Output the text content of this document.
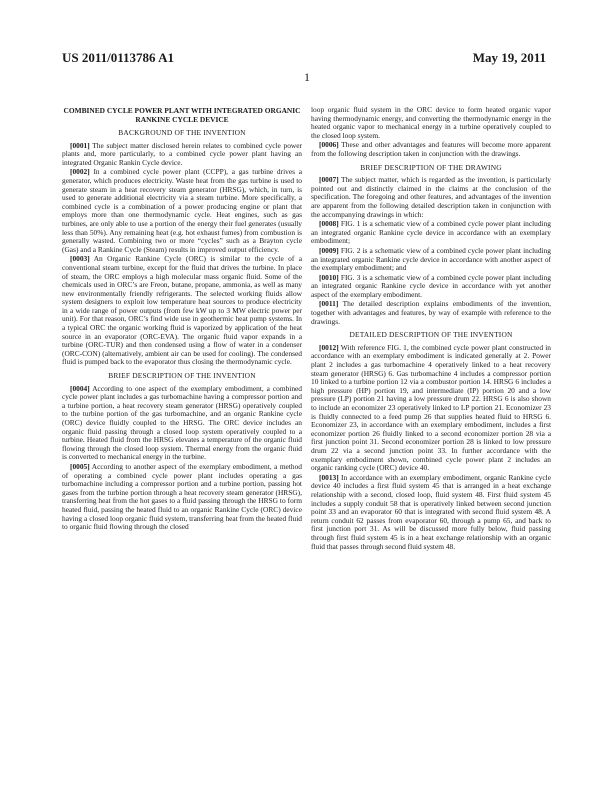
US 2011/0113786 A1
1
May 19, 2011

COMBINED CYCLE POWER PLANT WITH INTEGRATED ORGANIC RANKINE CYCLE DEVICE

BACKGROUND OF THE INVENTION

[0001] The subject matter disclosed herein relates to combined cycle power plants and, more particularly, to a combined cycle power plant having an integrated Organic Rankin Cycle device.

[0002] In a combined cycle power plant (CCPP), a gas turbine drives a generator, which produces electricity. Waste heat from the gas turbine is used to generate steam in a heat recovery steam generator (HRSG), which, in turn, is used to generate additional electricity via a steam turbine. More specifically, a combined cycle is a combination of a power producing engine or plant that employs more than one thermodynamic cycle. Heat engines, such as gas turbines, are only able to use a portion of the energy their fuel generates (usually less than 50%). Any remaining heat (e.g. hot exhaust fumes) from combustion is generally wasted. Combining two or more “cycles” such as a Brayton cycle (Gas) and a Rankine Cycle (Steam) results in improved output efficiency.

[0003] An Organic Rankine Cycle (ORC) is similar to the cycle of a conventional steam turbine, except for the fluid that drives the turbine. In place of steam, the ORC employs a high molecular mass organic fluid. Some of the chemicals used in ORC’s are Freon, butane, propane, ammonia, as well as many new environmentally friendly refrigerants. The selected working fluids allow system designers to exploit low temperature heat sources to produce electricity in a wide range of power outputs (from few kW up to 3 MW electric power per unit). For that reason, ORC’s find wide use in geothermic heat pump systems. In a typical ORC the organic working fluid is vaporized by application of the heat source in an evaporator (ORC-EVA). The organic fluid vapor expands in a turbine (ORC-TUR) and then condensed using a flow of water in a condenser (ORC-CON) (alternatively, ambient air can be used for cooling). The condensed fluid is pumped back to the evaporator thus closing the thermodynamic cycle.

BRIEF DESCRIPTION OF THE INVENTION

[0004] According to one aspect of the exemplary embodiment, a combined cycle power plant includes a gas turbomachine having a compressor portion and a turbine portion, a heat recovery steam generator (HRSG) operatively coupled to the turbine portion of the gas turbomachine, and an organic Rankine cycle (ORC) device fluidly coupled to the HRSG. The ORC device includes an organic fluid passing through a closed loop system operatively coupled to a turbine. Heated fluid from the HRSG elevates a temperature of the organic fluid flowing through the closed loop system. Thermal energy from the organic fluid is converted to mechanical energy in the turbine.

[0005] According to another aspect of the exemplary embodiment, a method of operating a combined cycle power plant includes operating a gas turbomachine including a compressor portion and a turbine portion, passing hot gases from the turbine portion through a heat recovery steam generator (HRSG), transferring heat from the hot gases to a fluid passing through the HRSG to form heated fluid, passing the heated fluid to an organic Rankine Cycle (ORC) device having a closed loop organic fluid system, transferring heat from the heated fluid to organic fluid flowing through the closed

loop organic fluid system in the ORC device to form heated organic vapor having thermodynamic energy, and converting the thermodynamic energy in the heated organic vapor to mechanical energy in a turbine operatively coupled to the closed loop system.

[0006] These and other advantages and features will become more apparent from the following description taken in conjunction with the drawings.

BRIEF DESCRIPTION OF THE DRAWING

[0007] The subject matter, which is regarded as the invention, is particularly pointed out and distinctly claimed in the claims at the conclusion of the specification. The foregoing and other features, and advantages of the invention are apparent from the following detailed description taken in conjunction with the accompanying drawings in which:

[0008] FIG. 1 is a schematic view of a combined cycle power plant including an integrated organic Rankine cycle device in accordance with an exemplary embodiment;

[0009] FIG. 2 is a schematic view of a combined cycle power plant including an integrated organic Rankine cycle device in accordance with another aspect of the exemplary embodiment; and

[0010] FIG. 3 is a schematic view of a combined cycle power plant including an integrated organic Rankine cycle device in accordance with yet another aspect of the exemplary embodiment.

[0011] The detailed description explains embodiments of the invention, together with advantages and features, by way of example with reference to the drawings.

DETAILED DESCRIPTION OF THE INVENTION

[0012] With reference FIG. 1, the combined cycle power plant constructed in accordance with an exemplary embodiment is indicated generally at 2. Power plant 2 includes a gas turbomachine 4 operatively linked to a heat recovery steam generator (HRSG) 6. Gas turbomachine 4 includes a compressor portion 10 linked to a turbine portion 12 via a combustor portion 14. HRSG 6 includes a high pressure (HP) portion 19, and intermediate (IP) portion 20 and a low pressure (LP) portion 21 having a low pressure drum 22. HRSG 6 is also shown to include an economizer 23 operatively linked to LP portion 21. Economizer 23 is fluidly connected to a feed pump 26 that supplies heated fluid to HRSG 6. Economizer 23, in accordance with an exemplary embodiment, includes a first economizer portion 26 fluidly linked to a second economizer portion 28 via a first junction point 31. Second economizer portion 28 is linked to low pressure drum 22 via a second junction point 33. In further accordance with the exemplary embodiment shown, combined cycle power plant 2 includes an organic ranking cycle (ORC) device 40.

[0013] In accordance with an exemplary embodiment, organic Rankine cycle device 40 includes a first fluid system 45 that is arranged in a heat exchange relationship with a second, closed loop, fluid system 48. First fluid system 45 includes a supply conduit 58 that is operatively linked between second junction point 33 and an evaporator 60 that is integrated with second fluid system 48. A return conduit 62 passes from evaporator 60, through a pump 65, and back to first junction port 31. As will be discussed more fully below, fluid passing through first fluid system 45 is in a heat exchange relationship with an organic fluid that passes through second fluid system 48.
